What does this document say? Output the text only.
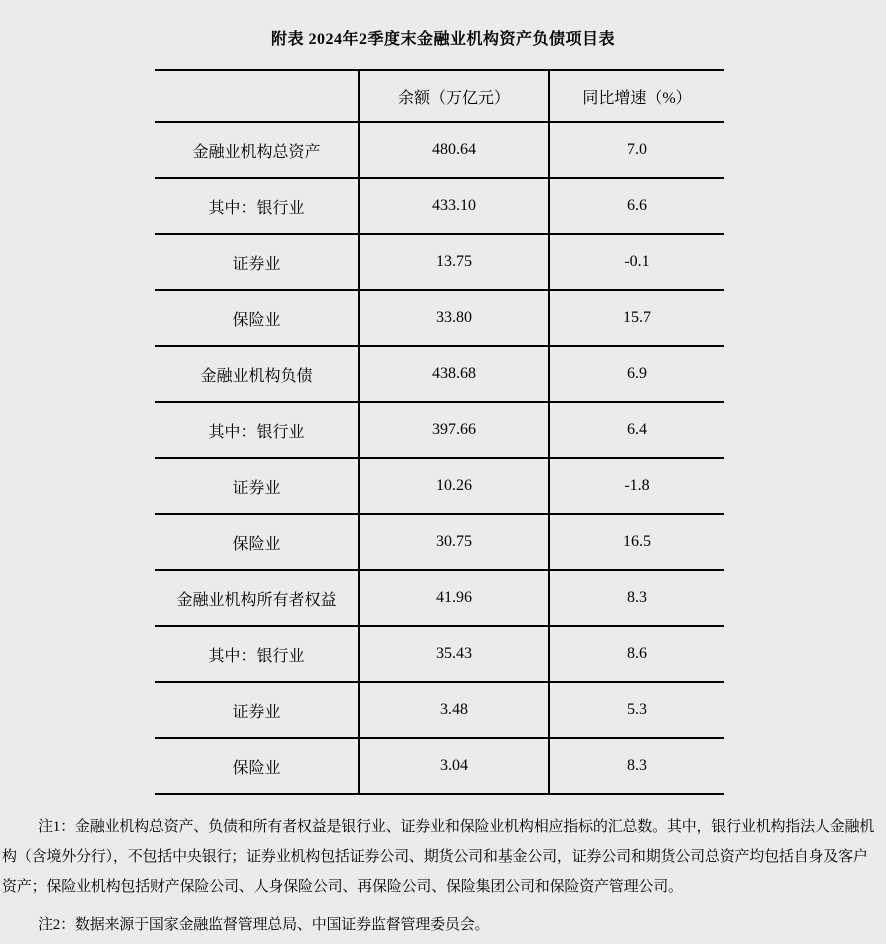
附表 2024年2季度末金融业机构资产负债项目表
	余额（万亿元）	同比增速（%）
金融业机构总资产	480.64	7.0
其中：银行业	433.10	6.6
证券业	13.75	-0.1
保险业	33.80	15.7
金融业机构负债	438.68	6.9
其中：银行业	397.66	6.4
证券业	10.26	-1.8
保险业	30.75	16.5
金融业机构所有者权益	41.96	8.3
其中：银行业	35.43	8.6
证券业	3.48	5.3
保险业	3.04	8.3

注1：金融业机构总资产、负债和所有者权益是银行业、证券业和保险业机构相应指标的汇总数。其中，银行业机构指法人金融机构（含境外分行），不包括中央银行；证券业机构包括证券公司、期货公司和基金公司，证券公司和期货公司总资产均包括自身及客户资产；保险业机构包括财产保险公司、人身保险公司、再保险公司、保险集团公司和保险资产管理公司。

注2：数据来源于国家金融监督管理总局、中国证券监督管理委员会。
